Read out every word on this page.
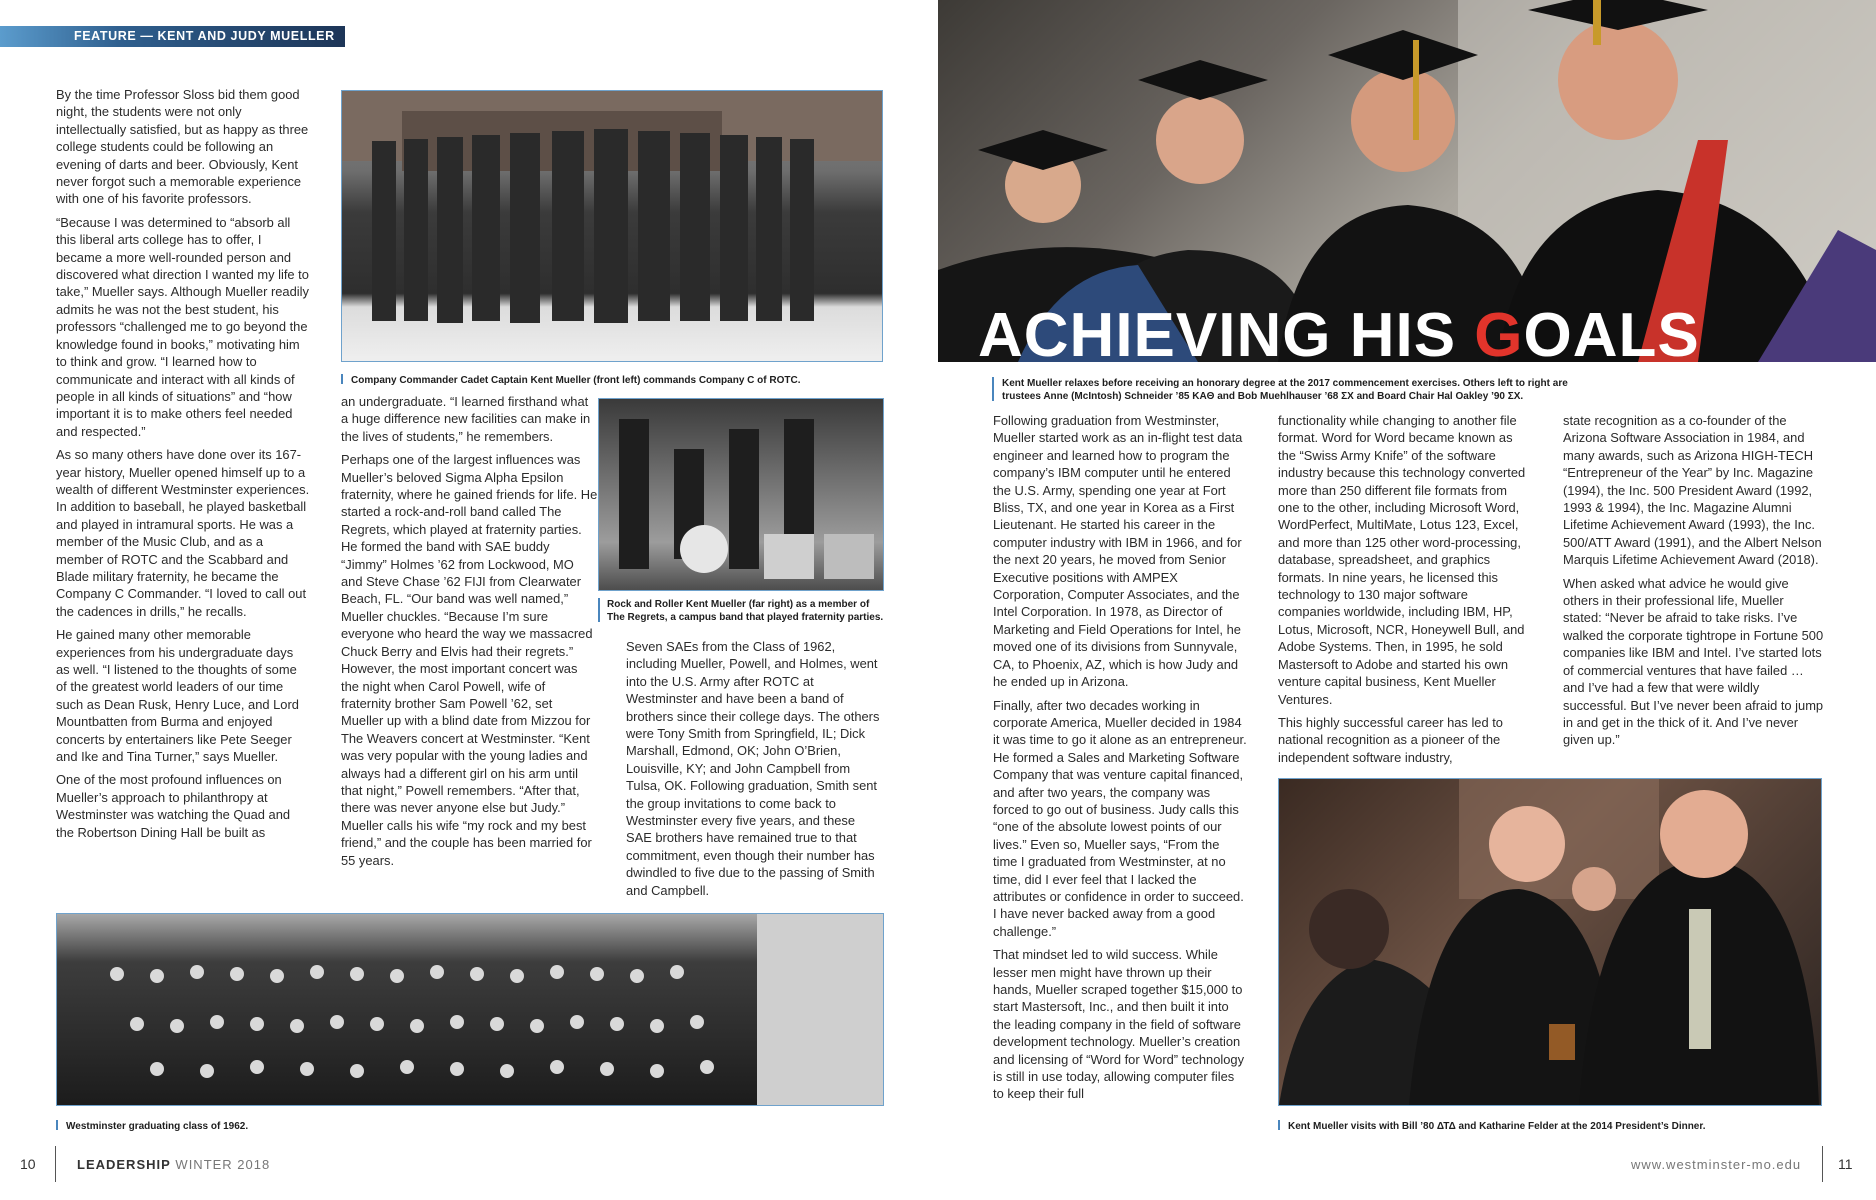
FEATURE — KENT AND JUDY MUELLER

By the time Professor Sloss bid them good night, the students were not only intellectually satisfied, but as happy as three college students could be following an evening of darts and beer. Obviously, Kent never forgot such a memorable experience with one of his favorite professors.

“Because I was determined to “absorb all this liberal arts college has to offer, I became a more well-rounded person and discovered what direction I wanted my life to take,” Mueller says. Although Mueller readily admits he was not the best student, his professors “challenged me to go beyond the knowledge found in books,” motivating him to think and grow. “I learned how to communicate and interact with all kinds of people in all kinds of situations” and “how important it is to make others feel needed and respected.”

As so many others have done over its 167-year history, Mueller opened himself up to a wealth of different Westminster experiences. In addition to baseball, he played basketball and played in intramural sports. He was a member of the Music Club, and as a member of ROTC and the Scabbard and Blade military fraternity, he became the Company C Commander. “I loved to call out the cadences in drills,” he recalls.

He gained many other memorable experiences from his undergraduate days as well. “I listened to the thoughts of some of the greatest world leaders of our time such as Dean Rusk, Henry Luce, and Lord Mountbatten from Burma and enjoyed concerts by entertainers like Pete Seeger and Ike and Tina Turner,” says Mueller.

One of the most profound influences on Mueller’s approach to philanthropy at Westminster was watching the Quad and the Robertson Dining Hall be built as

Company Commander Cadet Captain Kent Mueller (front left) commands Company C of ROTC.

an undergraduate. “I learned firsthand what a huge difference new facilities can make in the lives of students,” he remembers.

Perhaps one of the largest influences was Mueller’s beloved Sigma Alpha Epsilon fraternity, where he gained friends for life. He started a rock-and-roll band called The Regrets, which played at fraternity parties. He formed the band with SAE buddy “Jimmy” Holmes ’62 from Lockwood, MO and Steve Chase ’62 FIJI from Clearwater Beach, FL. “Our band was well named,” Mueller chuckles. “Because I’m sure everyone who heard the way we massacred Chuck Berry and Elvis had their regrets.” However, the most important concert was the night when Carol Powell, wife of fraternity brother Sam Powell ’62, set Mueller up with a blind date from Mizzou for The Weavers concert at Westminster. “Kent was very popular with the young ladies and always had a different girl on his arm until that night,” Powell remembers. “After that, there was never anyone else but Judy.” Mueller calls his wife “my rock and my best friend,” and the couple has been married for 55 years.

Rock and Roller Kent Mueller (far right) as a member of The Regrets, a campus band that played fraternity parties.

Seven SAEs from the Class of 1962, including Mueller, Powell, and Holmes, went into the U.S. Army after ROTC at Westminster and have been a band of brothers since their college days. The others were Tony Smith from Springfield, IL; Dick Marshall, Edmond, OK; John O’Brien, Louisville, KY; and John Campbell from Tulsa, OK. Following graduation, Smith sent the group invitations to come back to Westminster every five years, and these SAE brothers have remained true to that commitment, even though their number has dwindled to five due to the passing of Smith and Campbell.

Westminster graduating class of 1962.
10	LEADERSHIP WINTER 2018
ACHIEVING HIS GOALS
Kent Mueller relaxes before receiving an honorary degree at the 2017 commencement exercises. Others left to right are trustees Anne (McIntosh) Schneider ’85 KAΘ and Bob Muehlhauser ’68 ΣX and Board Chair Hal Oakley ’90 ΣX.

Following graduation from Westminster, Mueller started work as an in-flight test data engineer and learned how to program the company’s IBM computer until he entered the U.S. Army, spending one year at Fort Bliss, TX, and one year in Korea as a First Lieutenant. He started his career in the computer industry with IBM in 1966, and for the next 20 years, he moved from Senior Executive positions with AMPEX Corporation, Computer Associates, and the Intel Corporation. In 1978, as Director of Marketing and Field Operations for Intel, he moved one of its divisions from Sunnyvale, CA, to Phoenix, AZ, which is how Judy and he ended up in Arizona.

Finally, after two decades working in corporate America, Mueller decided in 1984 it was time to go it alone as an entrepreneur. He formed a Sales and Marketing Software Company that was venture capital financed, and after two years, the company was forced to go out of business. Judy calls this “one of the absolute lowest points of our lives.” Even so, Mueller says, “From the time I graduated from Westminster, at no time, did I ever feel that I lacked the attributes or confidence in order to succeed. I have never backed away from a good challenge.”

That mindset led to wild success. While lesser men might have thrown up their hands, Mueller scraped together $15,000 to start Mastersoft, Inc., and then built it into the leading company in the field of software development technology. Mueller’s creation and licensing of “Word for Word” technology is still in use today, allowing computer files to keep their full

functionality while changing to another file format. Word for Word became known as the “Swiss Army Knife” of the software industry because this technology converted more than 250 different file formats from one to the other, including Microsoft Word, WordPerfect, MultiMate, Lotus 123, Excel, and more than 125 other word-processing, database, spreadsheet, and graphics formats. In nine years, he licensed this technology to 130 major software companies worldwide, including IBM, HP, Lotus, Microsoft, NCR, Honeywell Bull, and Adobe Systems. Then, in 1995, he sold Mastersoft to Adobe and started his own venture capital business, Kent Mueller Ventures.

This highly successful career has led to national recognition as a pioneer of the independent software industry,

state recognition as a co-founder of the Arizona Software Association in 1984, and many awards, such as Arizona HIGH-TECH “Entrepreneur of the Year” by Inc. Magazine (1994), the Inc. 500 President Award (1992, 1993 & 1994), the Inc. Magazine Alumni Lifetime Achievement Award (1993), the Inc. 500/ATT Award (1991), and the Albert Nelson Marquis Lifetime Achievement Award (2018).

When asked what advice he would give others in their professional life, Mueller stated: “Never be afraid to take risks. I’ve walked the corporate tightrope in Fortune 500 companies like IBM and Intel. I’ve started lots of commercial ventures that have failed … and I’ve had a few that were wildly successful. But I’ve never been afraid to jump in and get in the thick of it. And I’ve never given up.”

Kent Mueller visits with Bill ’80 ΔΤΔ and Katharine Felder at the 2014 President’s Dinner.
www.westminster-mo.edu	11
